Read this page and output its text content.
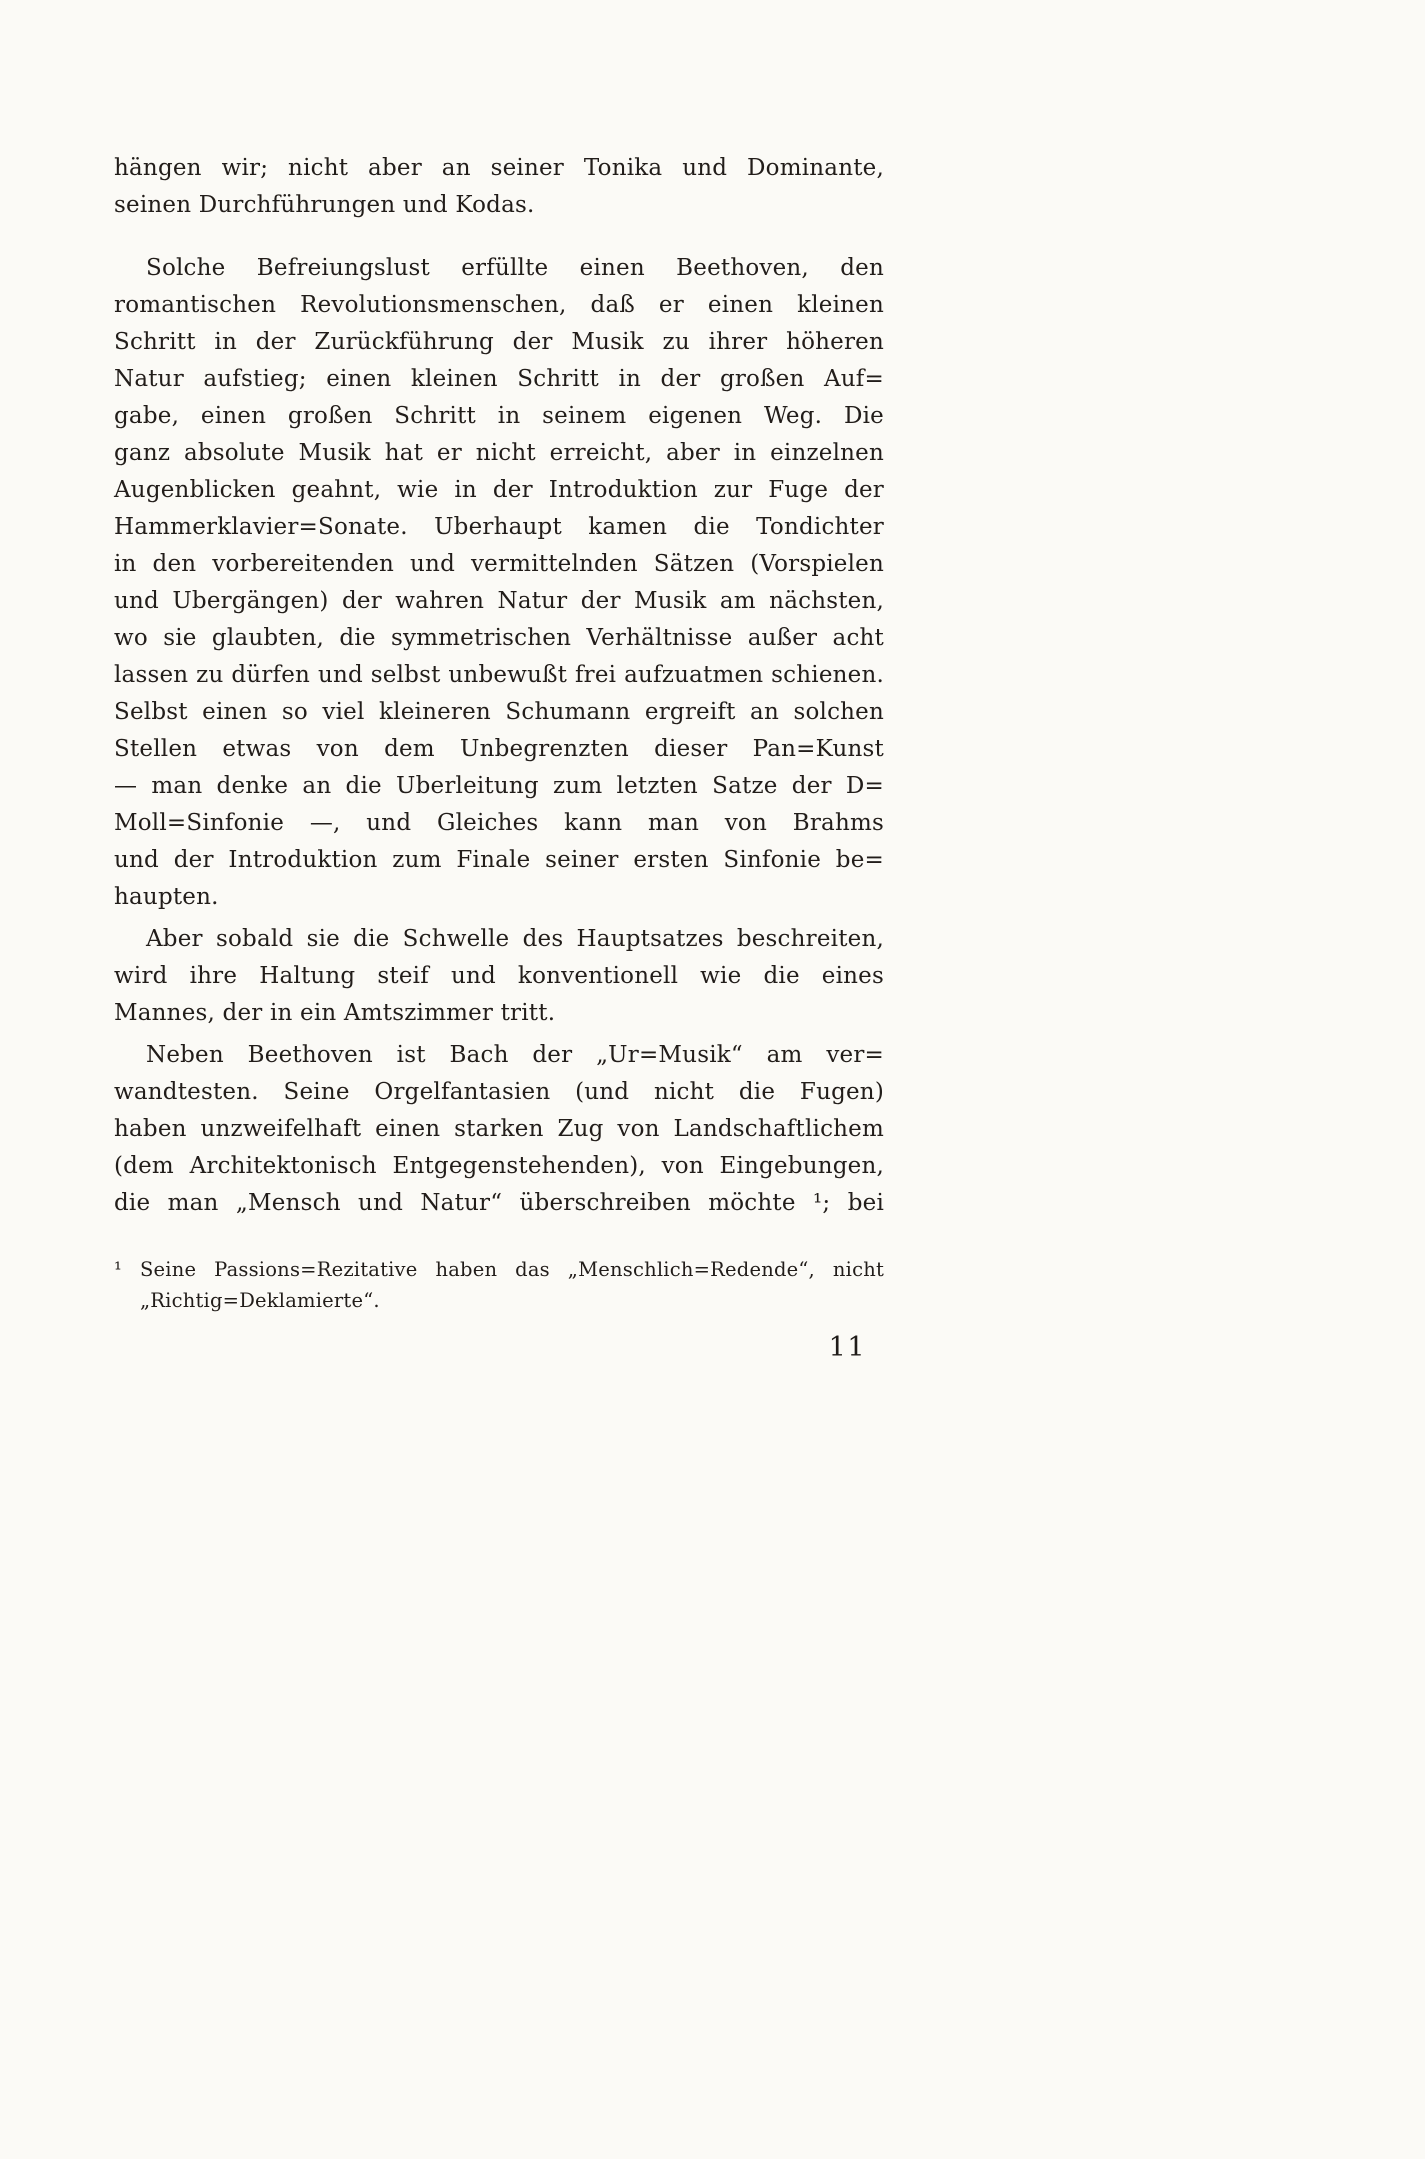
hängen wir; nicht aber an seiner Tonika und Dominante,
seinen Durchführungen und Kodas.
Solche Befreiungslust erfüllte einen Beethoven, den
romantischen Revolutionsmenschen, daß er einen kleinen
Schritt in der Zurückführung der Musik zu ihrer höheren
Natur aufstieg; einen kleinen Schritt in der großen Auf=
gabe, einen großen Schritt in seinem eigenen Weg. Die
ganz absolute Musik hat er nicht erreicht, aber in einzelnen
Augenblicken geahnt, wie in der Introduktion zur Fuge der
Hammerklavier=Sonate. Uberhaupt kamen die Tondichter
in den vorbereitenden und vermittelnden Sätzen (Vorspielen
und Ubergängen) der wahren Natur der Musik am nächsten,
wo sie glaubten, die symmetrischen Verhältnisse außer acht
lassen zu dürfen und selbst unbewußt frei aufzuatmen schienen.
Selbst einen so viel kleineren Schumann ergreift an solchen
Stellen etwas von dem Unbegrenzten dieser Pan=Kunst
— man denke an die Uberleitung zum letzten Satze der D=
Moll=Sinfonie —, und Gleiches kann man von Brahms
und der Introduktion zum Finale seiner ersten Sinfonie be=
haupten.
Aber sobald sie die Schwelle des Hauptsatzes beschreiten,
wird ihre Haltung steif und konventionell wie die eines
Mannes, der in ein Amtszimmer tritt.
Neben Beethoven ist Bach der „Ur=Musik“ am ver=
wandtesten. Seine Orgelfantasien (und nicht die Fugen)
haben unzweifelhaft einen starken Zug von Landschaftlichem
(dem Architektonisch Entgegenstehenden), von Eingebungen,
die man „Mensch und Natur“ überschreiben möchte ¹; bei
¹ Seine Passions=Rezitative haben das „Menschlich=Redende“, nicht
„Richtig=Deklamierte“.
11
